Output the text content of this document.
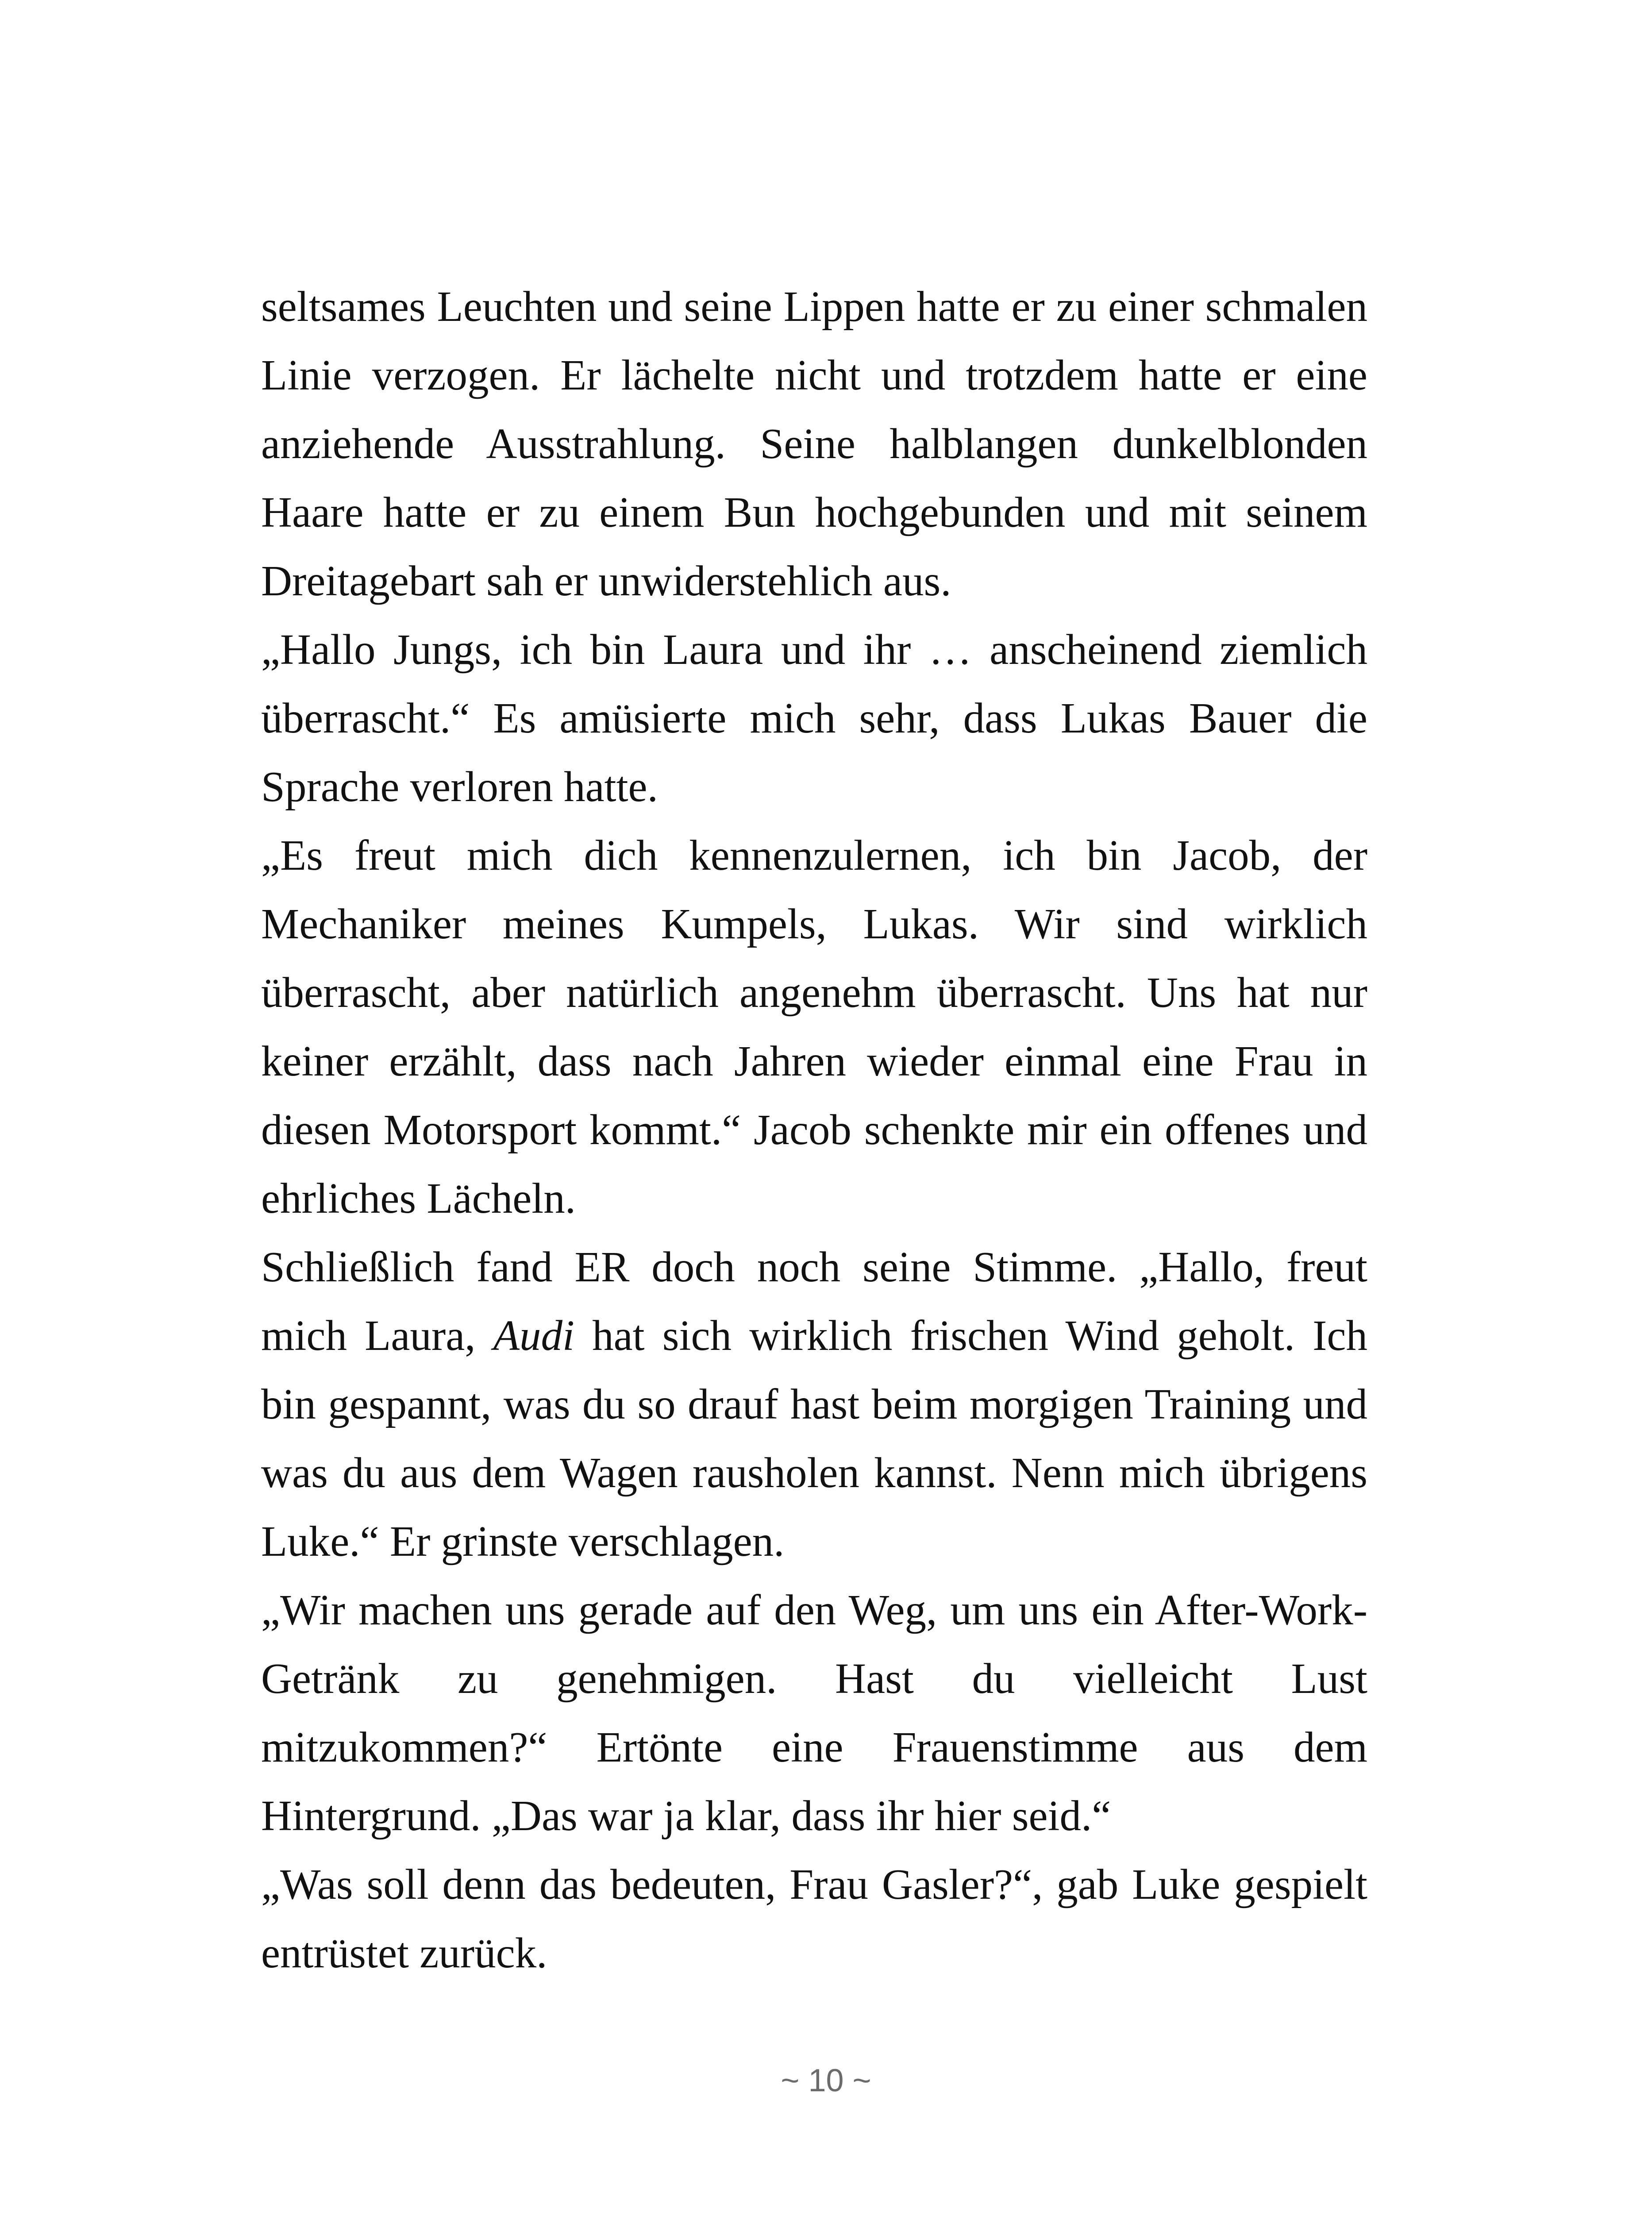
seltsames Leuchten und seine Lippen hatte er zu einer schmalen Linie verzogen. Er lächelte nicht und trotzdem hatte er eine anziehende Ausstrahlung. Seine halblangen dunkelblonden Haare hatte er zu einem Bun hochgebunden und mit seinem Dreitagebart sah er unwiderstehlich aus.

„Hallo Jungs, ich bin Laura und ihr … anscheinend ziemlich überrascht.“ Es amüsierte mich sehr, dass Lukas Bauer die Sprache verloren hatte.

„Es freut mich dich kennenzulernen, ich bin Jacob, der Mechaniker meines Kumpels, Lukas. Wir sind wirklich überrascht, aber natürlich angenehm überrascht. Uns hat nur keiner erzählt, dass nach Jahren wieder einmal eine Frau in diesen Motorsport kommt.“ Jacob schenkte mir ein offenes und ehrliches Lächeln.

Schließlich fand ER doch noch seine Stimme. „Hallo, freut mich Laura, Audi hat sich wirklich frischen Wind geholt. Ich bin gespannt, was du so drauf hast beim morgigen Training und was du aus dem Wagen rausholen kannst. Nenn mich übrigens Luke.“ Er grinste verschlagen.

„Wir machen uns gerade auf den Weg, um uns ein After-Work-Getränk zu genehmigen. Hast du vielleicht Lust mitzukommen?“ Ertönte eine Frauenstimme aus dem Hintergrund. „Das war ja klar, dass ihr hier seid.“

„Was soll denn das bedeuten, Frau Gasler?“, gab Luke gespielt entrüstet zurück.

~ 10 ~
